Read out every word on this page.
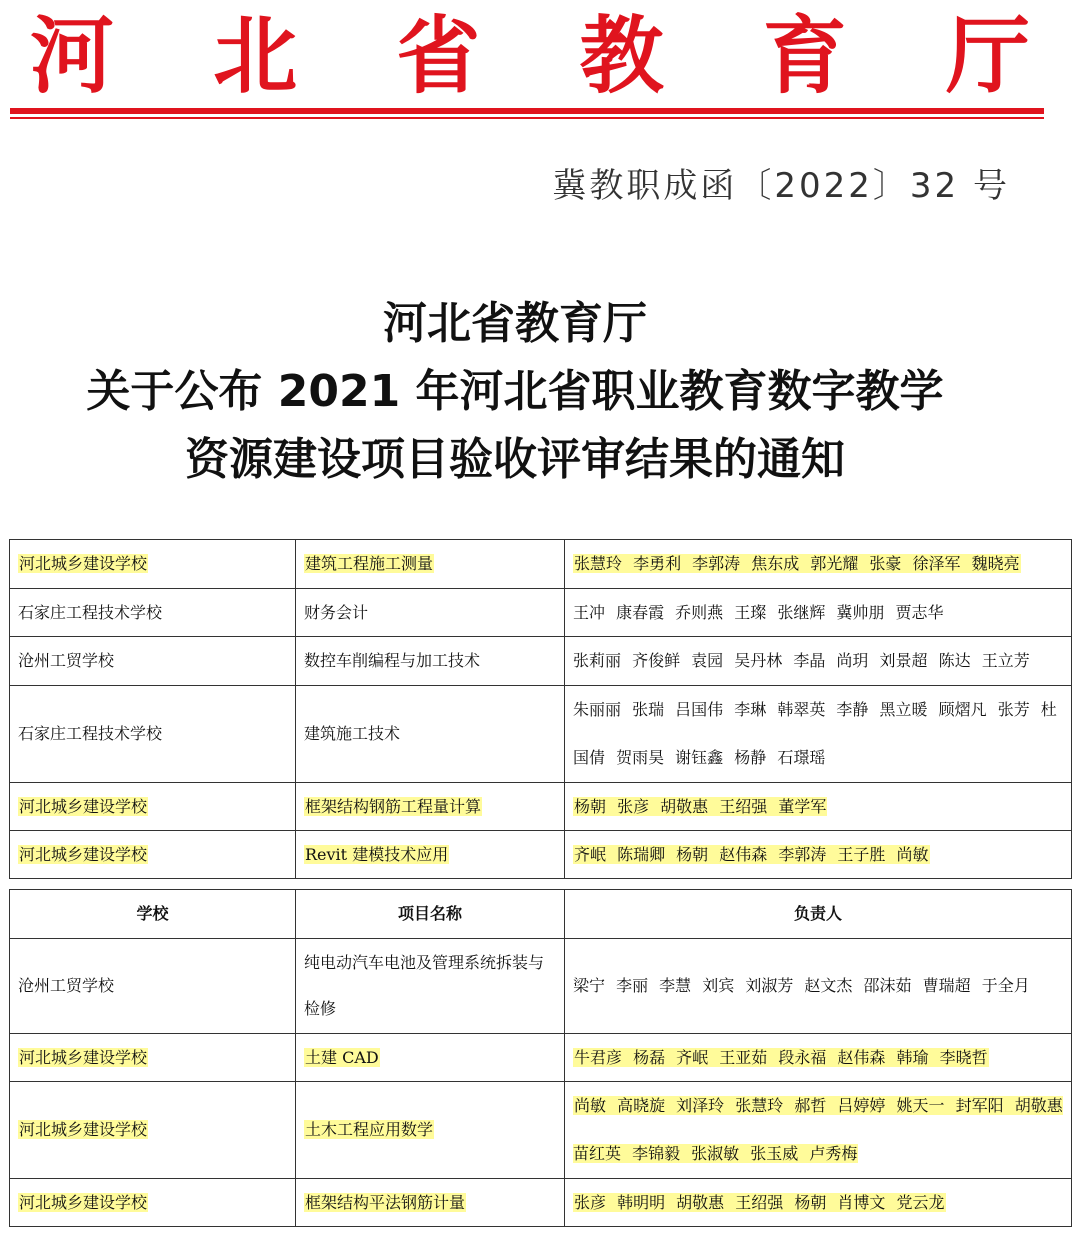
河 北 省 教 育 厅
冀教职成函〔2022〕32 号
河北省教育厅
关于公布 2021 年河北省职业教育数字教学
资源建设项目验收评审结果的通知
河北城乡建设学校	建筑工程施工测量	张慧玲 李勇利 李郭涛 焦东成 郭光耀 张豪 徐泽军 魏晓亮
石家庄工程技术学校	财务会计	王冲 康春霞 乔则燕 王璨 张继辉 冀帅朋 贾志华
沧州工贸学校	数控车削编程与加工技术	张莉丽 齐俊鲜 袁园 吴丹林 李晶 尚玥 刘景超 陈达 王立芳
石家庄工程技术学校	建筑施工技术	朱丽丽 张瑞 吕国伟 李琳 韩翠英 李静 黑立暖 顾熠凡 张芳 杜国倩 贺雨昊 谢钰鑫 杨静 石璟瑶
河北城乡建设学校	框架结构钢筋工程量计算	杨朝 张彦 胡敬惠 王绍强 董学军
河北城乡建设学校	Revit 建模技术应用	齐岷 陈瑞卿 杨朝 赵伟森 李郭涛 王子胜 尚敏
学校	项目名称	负责人
沧州工贸学校	纯电动汽车电池及管理系统拆装与检修	梁宁 李丽 李慧 刘宾 刘淑芳 赵文杰 邵沫茹 曹瑞超 于全月
河北城乡建设学校	土建 CAD	牛君彦 杨磊 齐岷 王亚茹 段永福 赵伟森 韩瑜 李晓哲
河北城乡建设学校	土木工程应用数学	尚敏 高晓旋 刘泽玲 张慧玲 郝哲 吕婷婷 姚天一 封军阳 胡敬惠 苗红英 李锦毅 张淑敏 张玉威 卢秀梅
河北城乡建设学校	框架结构平法钢筋计量	张彦 韩明明 胡敬惠 王绍强 杨朝 肖博文 党云龙
